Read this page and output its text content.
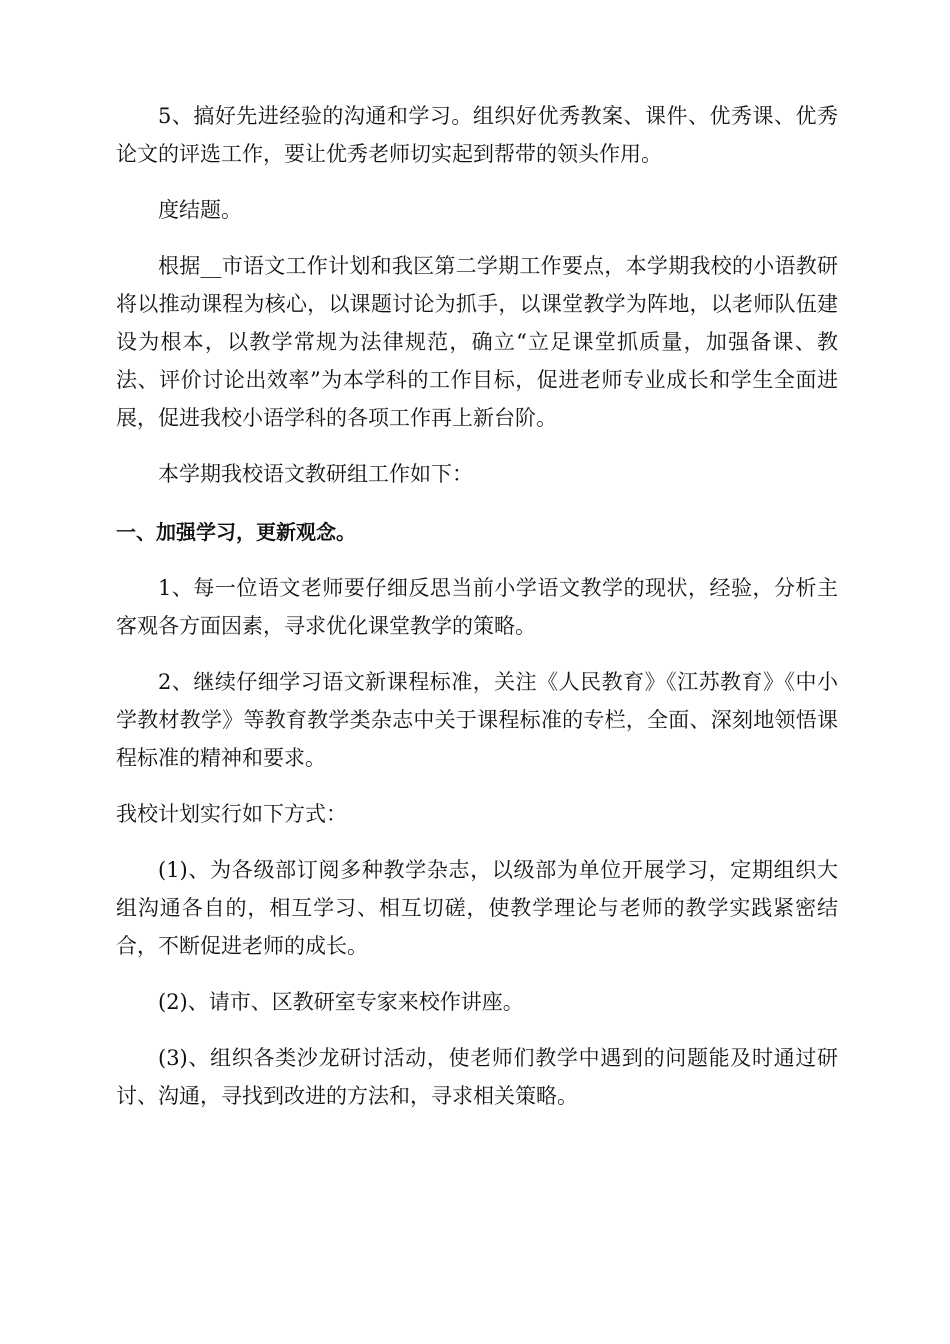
5、搞好先进经验的沟通和学习。组织好优秀教案、课件、优秀课、优秀论文的评选工作，要让优秀老师切实起到帮带的领头作用。

度结题。

根据__市语文工作计划和我区第二学期工作要点，本学期我校的小语教研将以推动课程为核心，以课题讨论为抓手，以课堂教学为阵地，以老师队伍建设为根本，以教学常规为法律规范，确立“立足课堂抓质量，加强备课、教法、评价讨论出效率”为本学科的工作目标，促进老师专业成长和学生全面进展，促进我校小语学科的各项工作再上新台阶。

本学期我校语文教研组工作如下：

一、加强学习，更新观念。

1、每一位语文老师要仔细反思当前小学语文教学的现状，经验，分析主客观各方面因素，寻求优化课堂教学的策略。

2、继续仔细学习语文新课程标准，关注《人民教育》《江苏教育》《中小学教材教学》等教育教学类杂志中关于课程标准的专栏，全面、深刻地领悟课程标准的精神和要求。

我校计划实行如下方式：

(1)、为各级部订阅多种教学杂志，以级部为单位开展学习，定期组织大组沟通各自的，相互学习、相互切磋，使教学理论与老师的教学实践紧密结合，不断促进老师的成长。

(2)、请市、区教研室专家来校作讲座。

(3)、组织各类沙龙研讨活动，使老师们教学中遇到的问题能及时通过研讨、沟通，寻找到改进的方法和，寻求相关策略。
